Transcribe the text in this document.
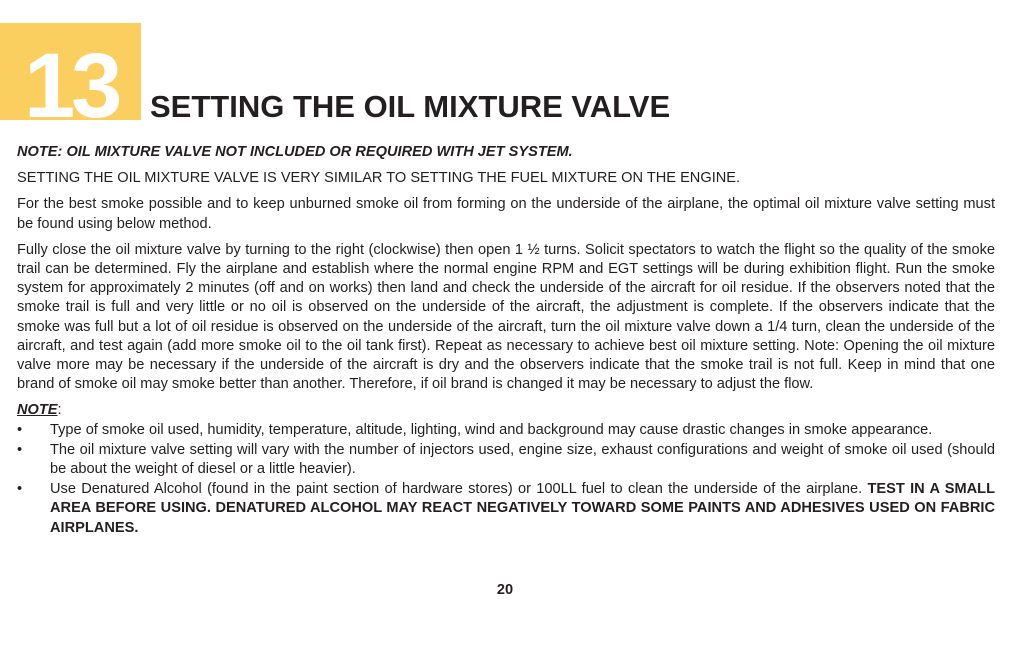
13 SETTING THE OIL MIXTURE VALVE

NOTE: OIL MIXTURE VALVE NOT INCLUDED OR REQUIRED WITH JET SYSTEM.

SETTING THE OIL MIXTURE VALVE IS VERY SIMILAR TO SETTING THE FUEL MIXTURE ON THE ENGINE.

For the best smoke possible and to keep unburned smoke oil from forming on the underside of the airplane, the optimal oil mixture valve setting must be found using below method.

Fully close the oil mixture valve by turning to the right (clockwise) then open 1 ½ turns. Solicit spectators to watch the flight so the quality of the smoke trail can be determined. Fly the airplane and establish where the normal engine RPM and EGT settings will be during exhibition flight. Run the smoke system for approximately 2 minutes (off and on works) then land and check the underside of the aircraft for oil residue. If the observers noted that the smoke trail is full and very little or no oil is observed on the underside of the aircraft, the adjustment is complete. If the observers indicate that the smoke was full but a lot of oil residue is observed on the underside of the aircraft, turn the oil mixture valve down a 1/4 turn, clean the underside of the aircraft, and test again (add more smoke oil to the oil tank first). Repeat as necessary to achieve best oil mixture setting. Note: Opening the oil mixture valve more may be necessary if the underside of the aircraft is dry and the observers indicate that the smoke trail is not full. Keep in mind that one brand of smoke oil may smoke better than another. Therefore, if oil brand is changed it may be necessary to adjust the flow.

NOTE:

• Type of smoke oil used, humidity, temperature, altitude, lighting, wind and background may cause drastic changes in smoke appearance.
• The oil mixture valve setting will vary with the number of injectors used, engine size, exhaust configurations and weight of smoke oil used (should be about the weight of diesel or a little heavier).
• Use Denatured Alcohol (found in the paint section of hardware stores) or 100LL fuel to clean the underside of the airplane. TEST IN A SMALL AREA BEFORE USING. DENATURED ALCOHOL MAY REACT NEGATIVELY TOWARD SOME PAINTS AND ADHESIVES USED ON FABRIC AIRPLANES.
20
